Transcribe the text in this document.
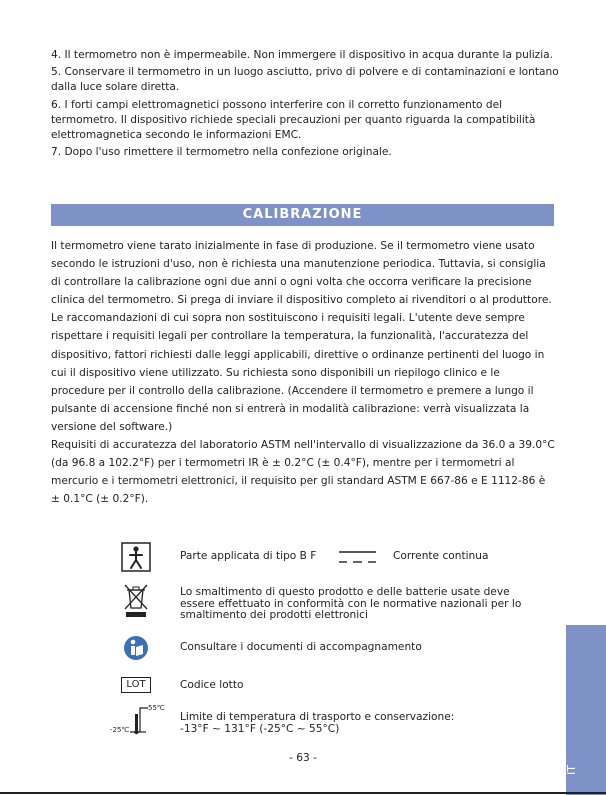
4. Il termometro non è impermeabile. Non immergere il dispositivo in acqua durante la pulizia.

5. Conservare il termometro in un luogo asciutto, privo di polvere e di contaminazioni e lontano dalla luce solare diretta.

6. I forti campi elettromagnetici possono interferire con il corretto funzionamento del termometro. Il dispositivo richiede speciali precauzioni per quanto riguarda la compatibilità elettromagnetica secondo le informazioni EMC.

7. Dopo l'uso rimettere il termometro nella confezione originale.

CALIBRAZIONE

Il termometro viene tarato inizialmente in fase di produzione. Se il termometro viene usato secondo le istruzioni d'uso, non è richiesta una manutenzione periodica. Tuttavia, si consiglia di controllare la calibrazione ogni due anni o ogni volta che occorra verificare la precisione clinica del termometro. Si prega di inviare il dispositivo completo ai rivenditori o al produttore.

Le raccomandazioni di cui sopra non sostituiscono i requisiti legali. L'utente deve sempre rispettare i requisiti legali per controllare la temperatura, la funzionalità, l'accuratezza del dispositivo, fattori richiesti dalle leggi applicabili, direttive o ordinanze pertinenti del luogo in cui il dispositivo viene utilizzato. Su richiesta sono disponibili un riepilogo clinico e le procedure per il controllo della calibrazione. (Accendere il termometro e premere a lungo il pulsante di accensione finché non si entrerà in modalità calibrazione: verrà visualizzata la versione del software.)

Requisiti di accuratezza del laboratorio ASTM nell'intervallo di visualizzazione da 36.0 a 39.0°C (da 96.8 a 102.2°F) per i termometri IR è ± 0.2°C (± 0.4°F), mentre per i termometri al mercurio e i termometri elettronici, il requisito per gli standard ASTM E 667-86 e E 1112-86 è ± 0.1°C (± 0.2°F).

Parte applicata di tipo B F	Corrente continua
Lo smaltimento di questo prodotto e delle batterie usate deve essere effettuato in conformità con le normative nazionali per lo smaltimento dei prodotti elettronici
Consultare i documenti di accompagnamento
LOT	Codice lotto
55℃
-25℃
Limite di temperatura di trasporto e conservazione:
-13°F ~ 131°F (-25°C ~ 55°C)
- 63 -
IT
